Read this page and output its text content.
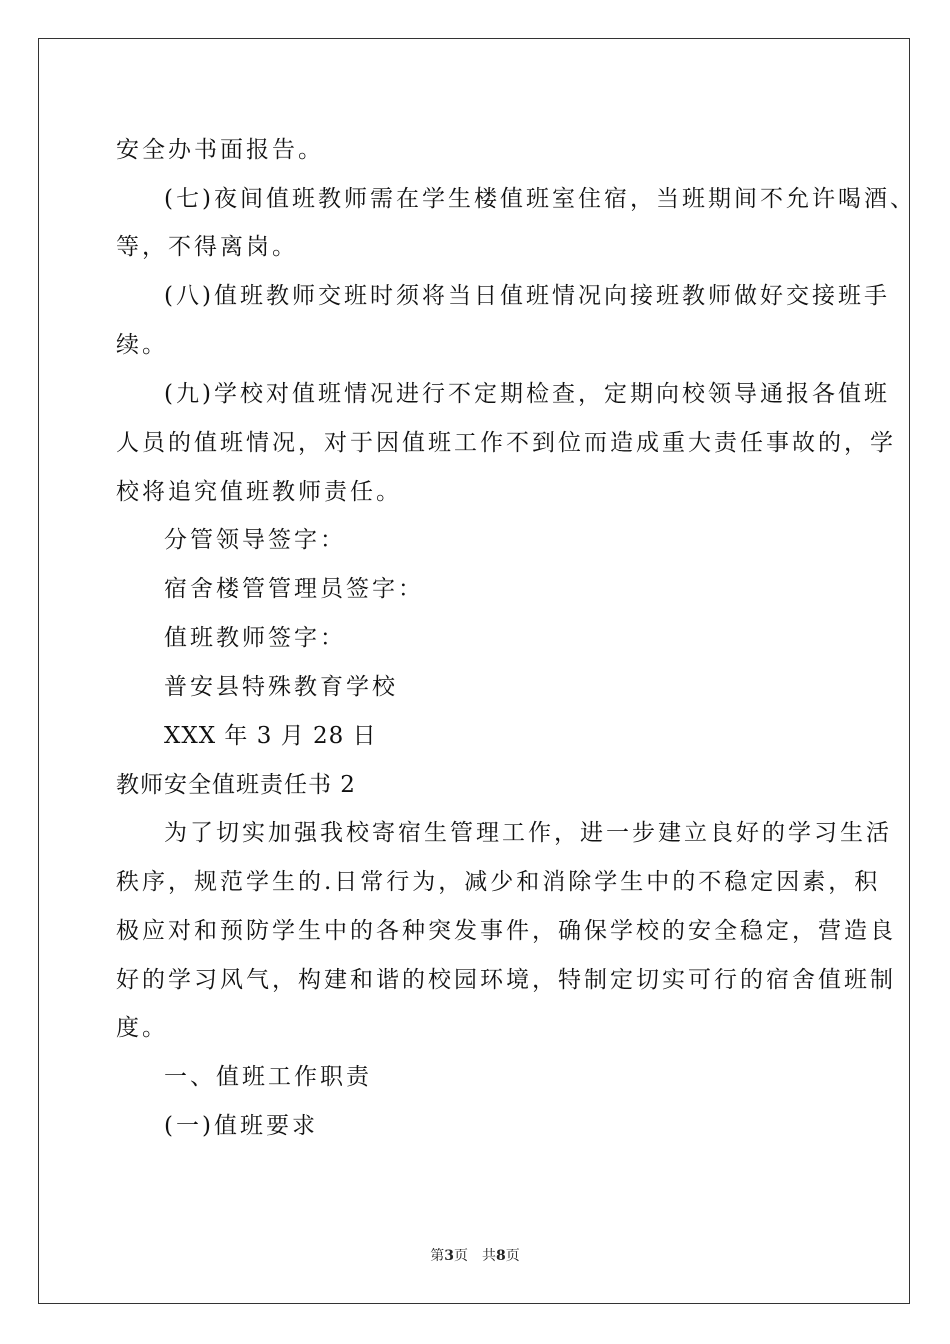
安全办书面报告。
(七)夜间值班教师需在学生楼值班室住宿，当班期间不允许喝酒、
等，不得离岗。
(八)值班教师交班时须将当日值班情况向接班教师做好交接班手
续。
(九)学校对值班情况进行不定期检查，定期向校领导通报各值班
人员的值班情况，对于因值班工作不到位而造成重大责任事故的，学
校将追究值班教师责任。
分管领导签字：
宿舍楼管管理员签字：
值班教师签字：
普安县特殊教育学校
XXX 年 3 月 28 日
教师安全值班责任书 2
为了切实加强我校寄宿生管理工作，进一步建立良好的学习生活
秩序，规范学生的.日常行为，减少和消除学生中的不稳定因素，积
极应对和预防学生中的各种突发事件，确保学校的安全稳定，营造良
好的学习风气，构建和谐的校园环境，特制定切实可行的宿舍值班制
度。
一、值班工作职责
(一)值班要求
第3页 共8页
